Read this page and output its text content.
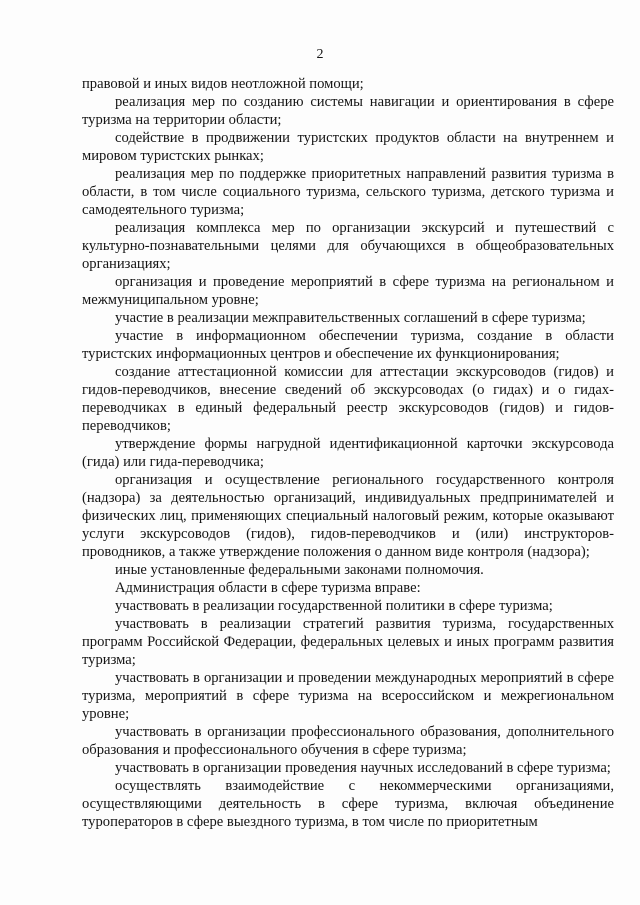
2

правовой и иных видов неотложной помощи;

реализация мер по созданию системы навигации и ориентирования в сфере туризма на территории области;

содействие в продвижении туристских продуктов области на внутреннем и мировом туристских рынках;

реализация мер по поддержке приоритетных направлений развития туризма в области, в том числе социального туризма, сельского туризма, детского туризма и самодеятельного туризма;

реализация комплекса мер по организации экскурсий и путешествий с культурно-познавательными целями для обучающихся в общеобразовательных организациях;

организация и проведение мероприятий в сфере туризма на региональном и межмуниципальном уровне;

участие в реализации межправительственных соглашений в сфере туризма;

участие в информационном обеспечении туризма, создание в области туристских информационных центров и обеспечение их функционирования;

создание аттестационной комиссии для аттестации экскурсоводов (гидов) и гидов-переводчиков, внесение сведений об экскурсоводах (о гидах) и о гидах-переводчиках в единый федеральный реестр экскурсоводов (гидов) и гидов-переводчиков;

утверждение формы нагрудной идентификационной карточки экскурсовода (гида) или гида-переводчика;

организация и осуществление регионального государственного контроля (надзора) за деятельностью организаций, индивидуальных предпринимателей и физических лиц, применяющих специальный налоговый режим, которые оказывают услуги экскурсоводов (гидов), гидов-переводчиков и (или) инструкторов-проводников, а также утверждение положения о данном виде контроля (надзора);

иные установленные федеральными законами полномочия.

Администрация области в сфере туризма вправе:

участвовать в реализации государственной политики в сфере туризма;

участвовать в реализации стратегий развития туризма, государственных программ Российской Федерации, федеральных целевых и иных программ развития туризма;

участвовать в организации и проведении международных мероприятий в сфере туризма, мероприятий в сфере туризма на всероссийском и межрегиональном уровне;

участвовать в организации профессионального образования, дополнительного образования и профессионального обучения в сфере туризма;

участвовать в организации проведения научных исследований в сфере туризма;

осуществлять взаимодействие с некоммерческими организациями, осуществляющими деятельность в сфере туризма, включая объединение туроператоров в сфере выездного туризма, в том числе по приоритетным
